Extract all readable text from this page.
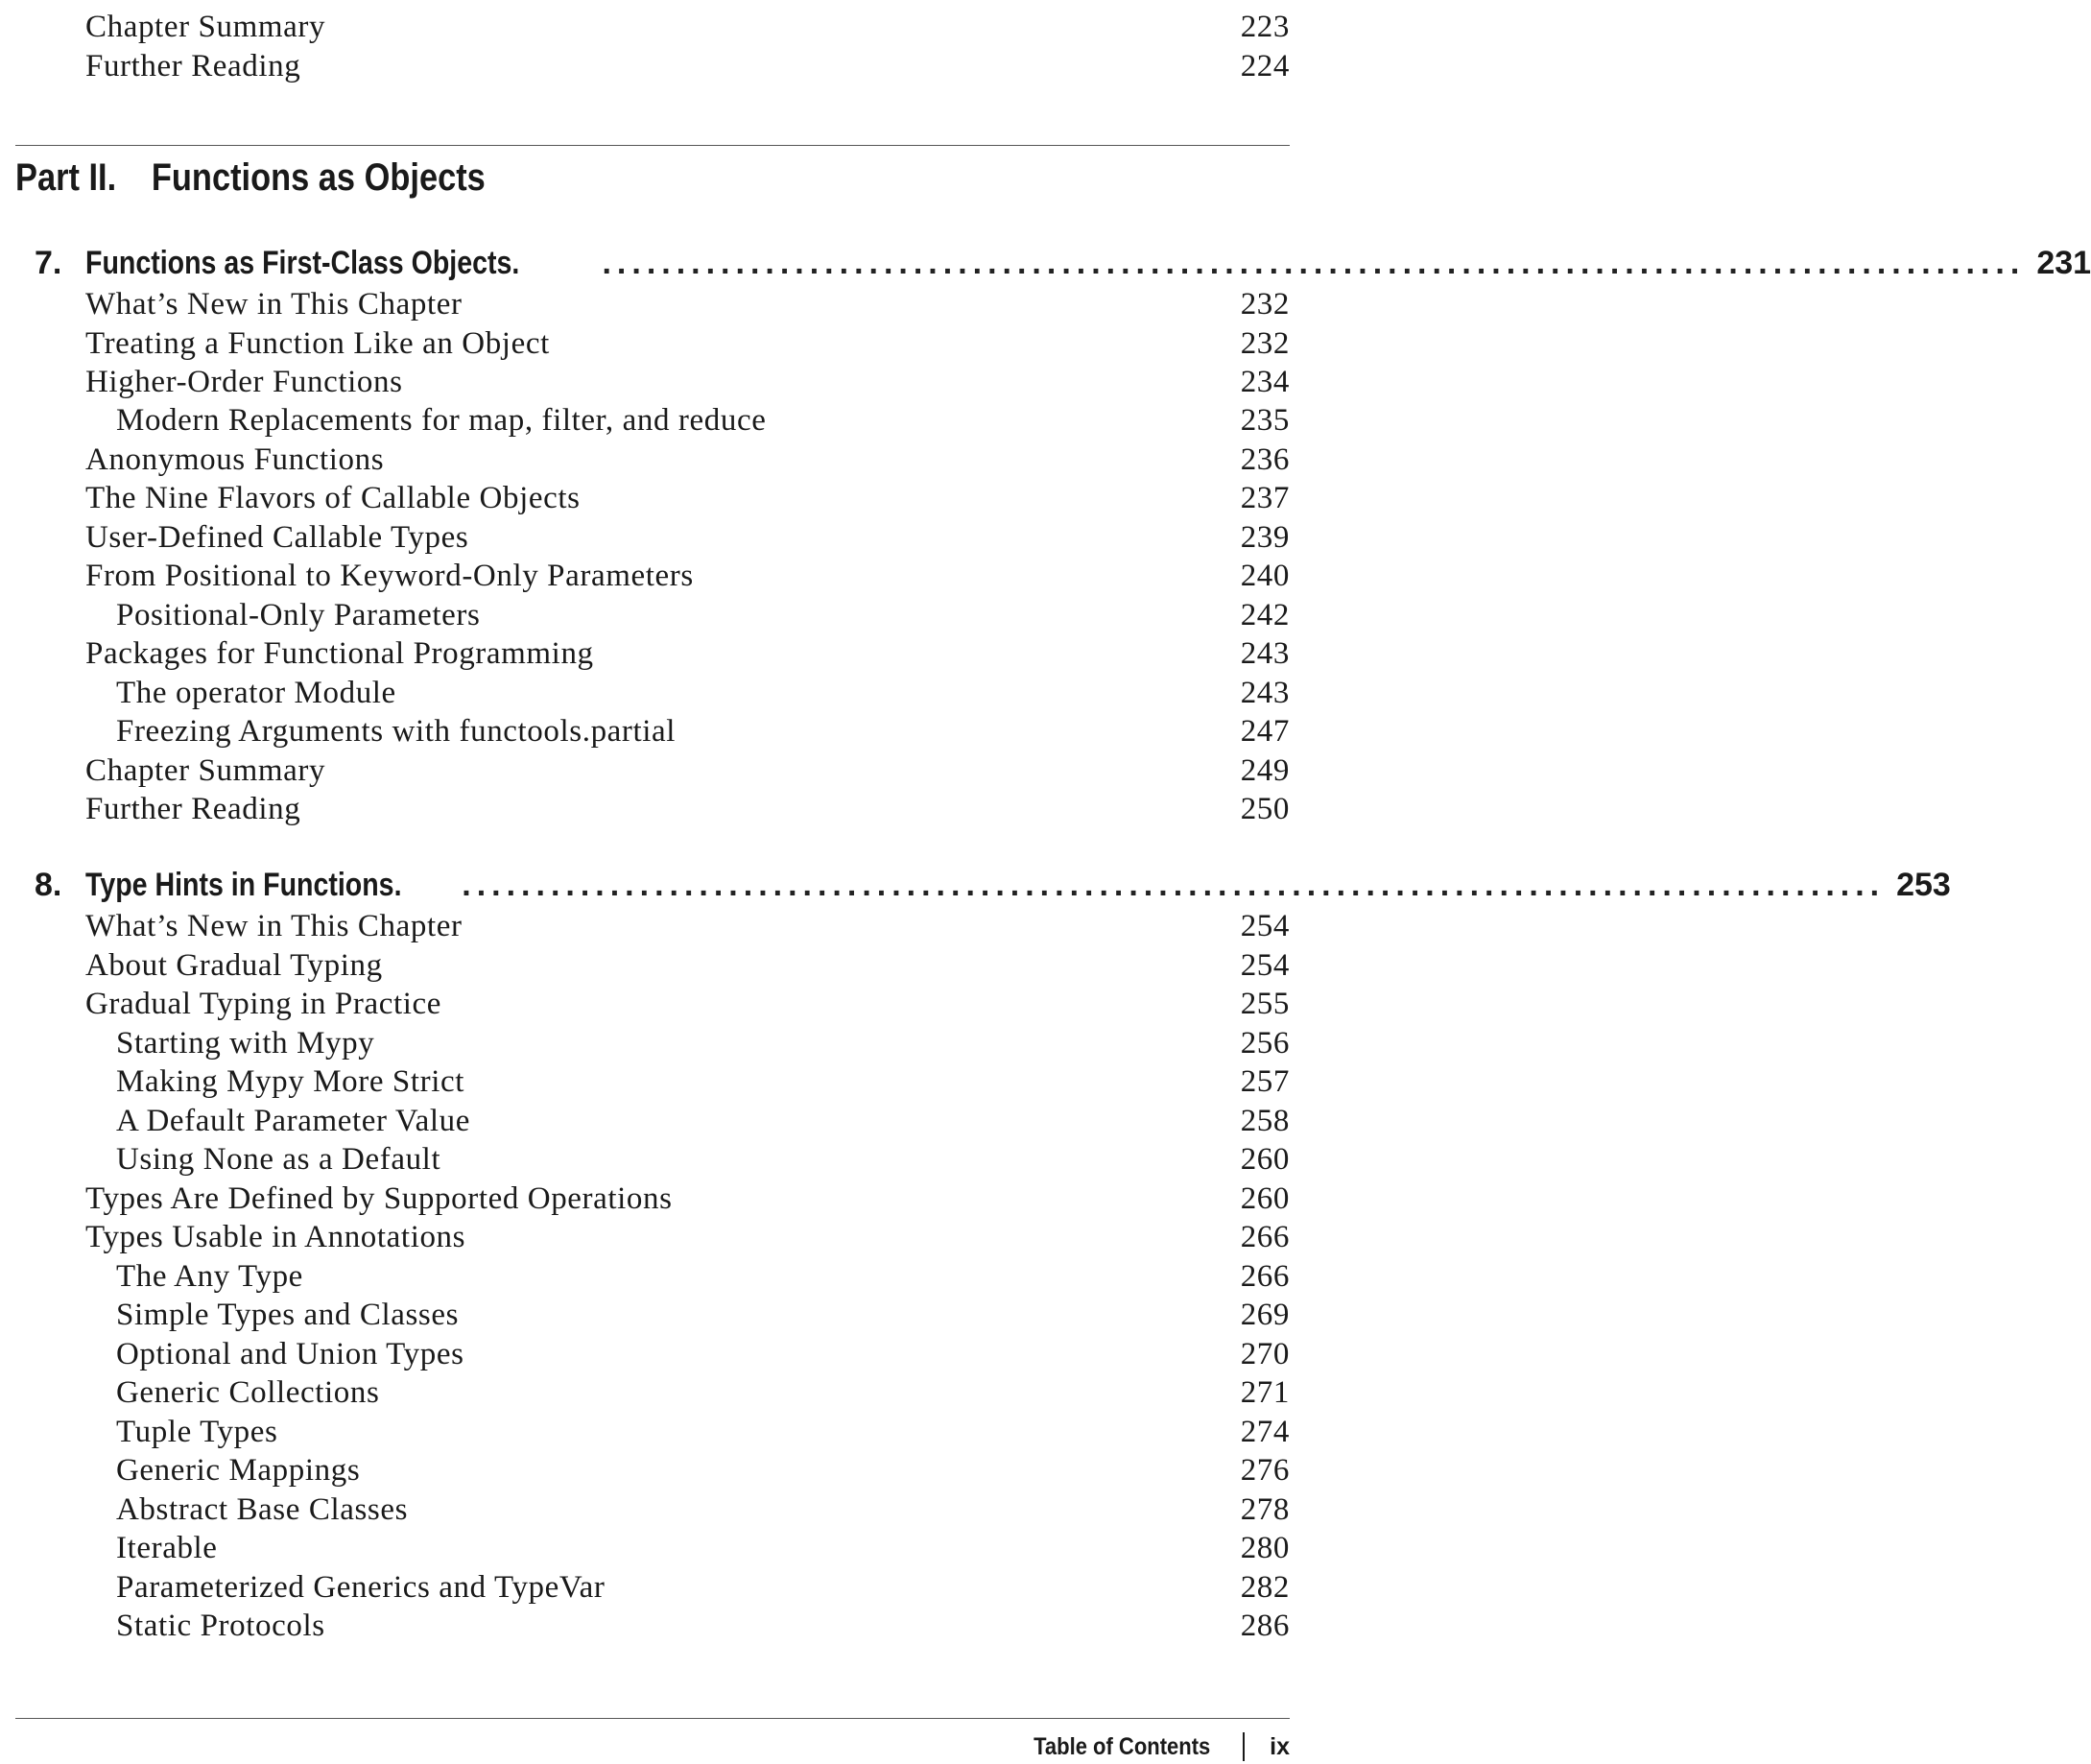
Chapter Summary	223
Further Reading	224
Part II. Functions as Objects
7. Functions as First-Class Objects.	................................................................................................ 231
What’s New in This Chapter	232
Treating a Function Like an Object	232
Higher-Order Functions	234
Modern Replacements for map, filter, and reduce	235
Anonymous Functions	236
The Nine Flavors of Callable Objects	237
User-Defined Callable Types	239
From Positional to Keyword-Only Parameters	240
Positional-Only Parameters	242
Packages for Functional Programming	243
The operator Module	243
Freezing Arguments with functools.partial	247
Chapter Summary	249
Further Reading	250
8. Type Hints in Functions. ................................................................................................ 253
What’s New in This Chapter	254
About Gradual Typing	254
Gradual Typing in Practice	255
Starting with Mypy	256
Making Mypy More Strict	257
A Default Parameter Value	258
Using None as a Default	260
Types Are Defined by Supported Operations	260
Types Usable in Annotations	266
The Any Type	266
Simple Types and Classes	269
Optional and Union Types	270
Generic Collections	271
Tuple Types	274
Generic Mappings	276
Abstract Base Classes	278
Iterable	280
Parameterized Generics and TypeVar	282
Static Protocols	286
Table of Contents ix
